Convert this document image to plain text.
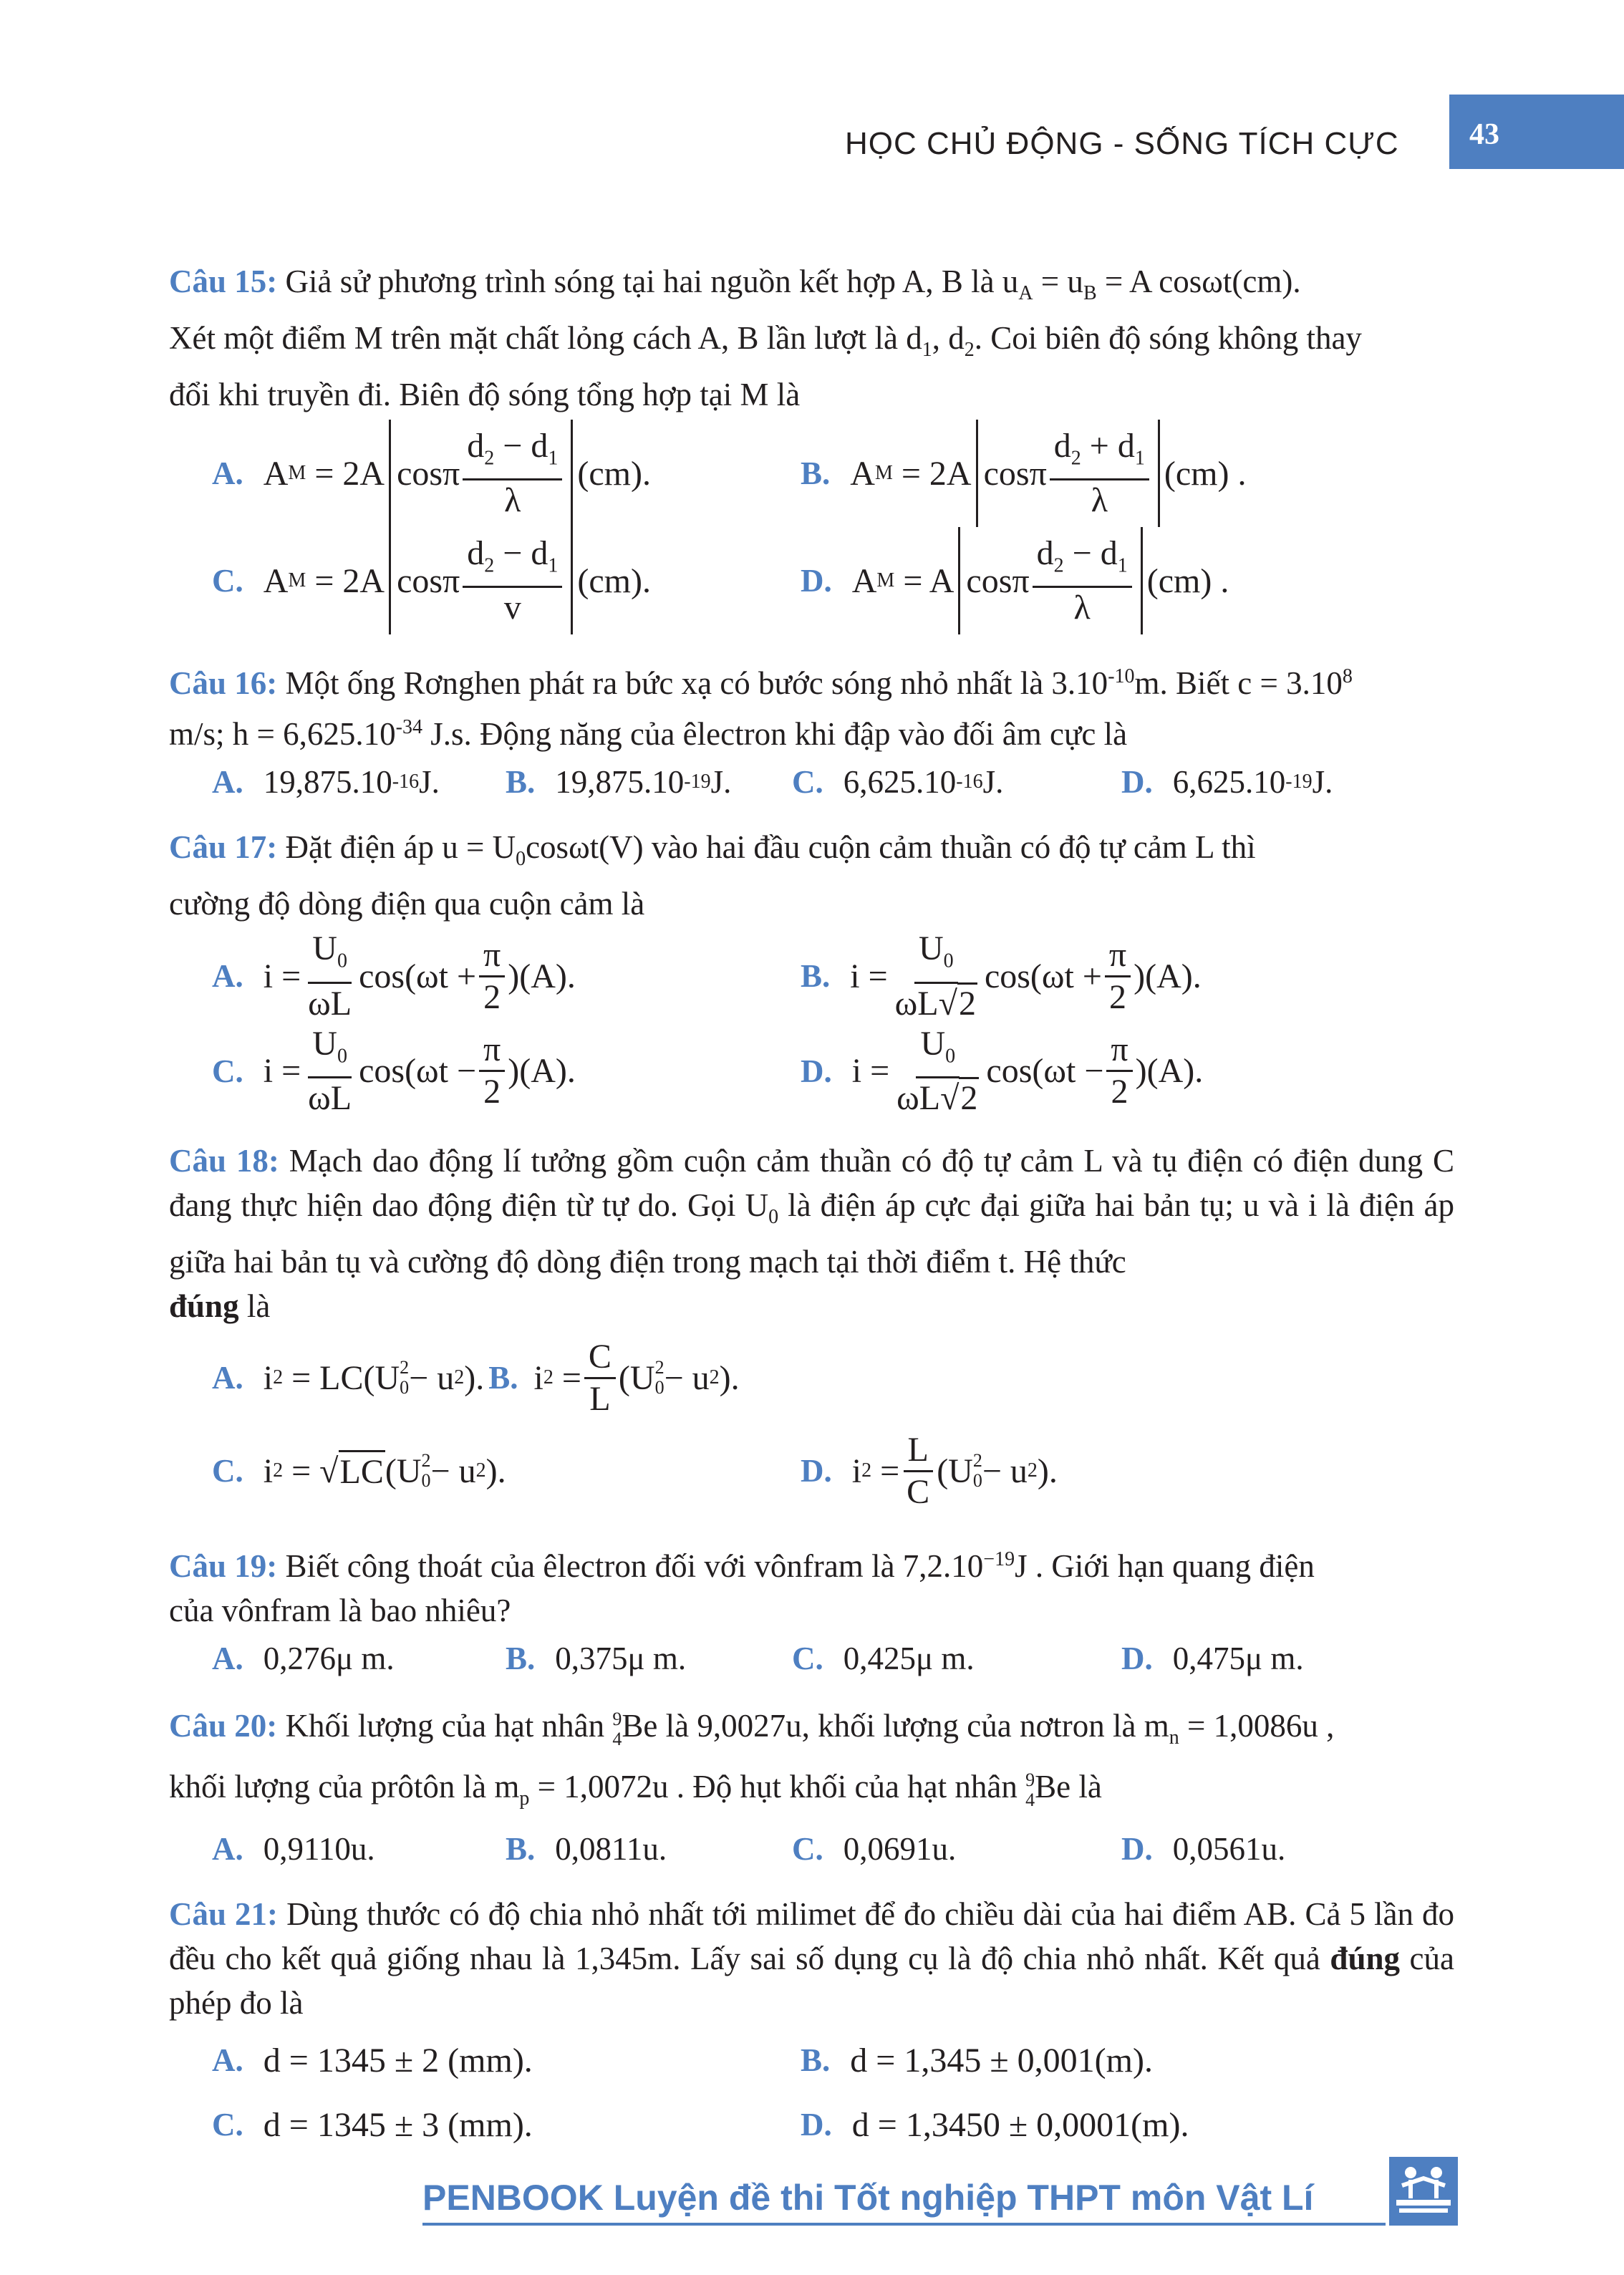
HỌC CHỦ ĐỘNG - SỐNG TÍCH CỰC 43
Câu 15: Giả sử phương trình sóng tại hai nguồn kết hợp A, B là $u_A = u_B = A$ cosωt(cm).
Xét một điểm M trên mặt chất lỏng cách A, B lần lượt là $d_1$, $d_2$. Coi biên độ sóng không thay
đổi khi truyền đi. Biên độ sóng tổng hợp tại M là
A. A M = 2A cosπ $\frac{d_2 - d_1}{\lambda} (cm)$.	B. A M = 2A cosπ $\frac{d_2 + d_1}{\lambda} (cm)$ .
C. A M = 2A cosπ $\frac{d_2 - d_1}{v} (cm)$.	D. A M = A cosπ $\frac{d_2 - d_1}{\lambda} (cm)$ .
Câu 16: Một ống Rơnghen phát ra bức xạ có bước sóng nhỏ nhất là $3.10^{-10}m$. Biết $c = 3.10^8$
m/s; $h = 6,625.10^{-34}$ J.s. Động năng của êlectron khi đập vào đối âm cực là
A. 19,875.10 -16 J. B. 19,875.10 -19 J. C. 6,625.10 -16 J.	D. 6,625.10 -19 J.
Câu 17: Đặt điện áp $u = U_0\cos\omega t(V)$ vào hai đầu cuộn cảm thuần có độ tự cảm L thì
cường độ dòng điện qua cuộn cảm là
A. $i = \frac{U_0}{\omega L} \cos(\omega t + \frac{\pi}{2} )(A)$.	B. $i = \frac{U_0}{\omega L√2} \cos(\omega t + \frac{\pi}{2} )(A)$.
C. $i = \frac{U_0}{\omega L} \cos(\omega t - \frac{\pi}{2} )(A)$.	D. $i = \frac{U_0}{\omega L√2} \cos(\omega t - \frac{\pi}{2} )(A)$.
Câu 18: Mạch dao động lí tưởng gồm cuộn cảm thuần có độ tự cảm L và tụ điện có điện dung C đang thực hiện dao động điện từ tự do. Gọi $U_0$ là điện áp cực đại giữa hai bản tụ; u và i là điện áp giữa hai bản tụ và cường độ dòng điện trong mạch tại thời điểm t. Hệ thức
đúng là
A. i 2 = LC(U 2
0 − u 2 ). B. i $2 = \frac{C}{L} (U$ 2
0 − u 2 ).
C. i 2 = √ LC (U 2
0 − u 2 ).	D. i $2 = \frac{L}{C} (U$ 2
0 − u 2 ).
Câu 19: Biết công thoát của êlectron đối với vônfram là $7,2.10^{-19}J$ . Giới hạn quang điện
của vônfram là bao nhiêu?
A. 0,276μ m.	B. 0,375μ m.	C. 0,425μ m.	D. 0,475μ m.
Câu 20: Khối lượng của hạt nhân 9
4 Be là 9,0027u, khối lượng của nơtron là $m_n = 1,0086u$ ,
khối lượng của prôtôn là $m_p = 1,0072u$ . Độ hụt khối của hạt nhân 9
4 Be là
A. 0,9110u.	B. 0,0811u.	C. 0,0691u.	D. 0,0561u.
Câu 21: Dùng thước có độ chia nhỏ nhất tới milimet để đo chiều dài của hai điểm AB. Cả 5 lần đo đều cho kết quả giống nhau là 1,345m. Lấy sai số dụng cụ là độ chia nhỏ nhất. Kết quả đúng của phép đo là
A. d = 1345 ± 2 (mm).	B. d = 1,345 ± 0,001(m).
C. d = 1345 ± 3 (mm).	D. d = 1,3450 ± 0,0001(m).
PENBOOK Luyện đề thi Tốt nghiệp THPT môn Vật Lí
